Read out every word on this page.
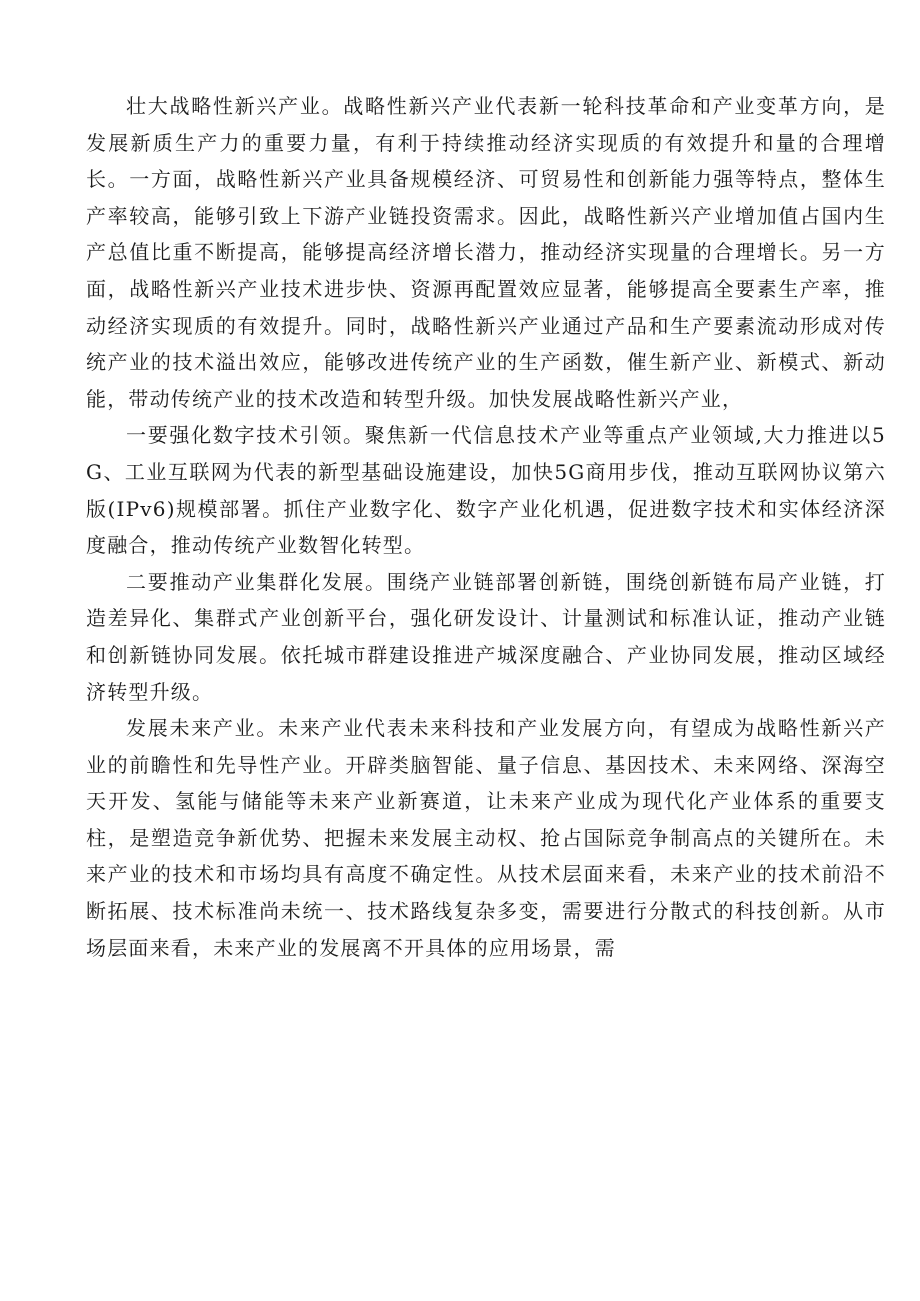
壮大战略性新兴产业。战略性新兴产业代表新一轮科技革命和产业变革方向，是发展新质生产力的重要力量，有利于持续推动经济实现质的有效提升和量的合理增长。一方面，战略性新兴产业具备规模经济、可贸易性和创新能力强等特点，整体生产率较高，能够引致上下游产业链投资需求。因此，战略性新兴产业增加值占国内生产总值比重不断提高，能够提高经济增长潜力，推动经济实现量的合理增长。另一方面，战略性新兴产业技术进步快、资源再配置效应显著，能够提高全要素生产率，推动经济实现质的有效提升。同时，战略性新兴产业通过产品和生产要素流动形成对传统产业的技术溢出效应，能够改进传统产业的生产函数，催生新产业、新模式、新动能，带动传统产业的技术改造和转型升级。加快发展战略性新兴产业，

一要强化数字技术引领。聚焦新一代信息技术产业等重点产业领域,大力推进以5G、工业互联网为代表的新型基础设施建设，加快5G商用步伐，推动互联网协议第六版(IPv6)规模部署。抓住产业数字化、数字产业化机遇，促进数字技术和实体经济深度融合，推动传统产业数智化转型。

二要推动产业集群化发展。围绕产业链部署创新链，围绕创新链布局产业链，打造差异化、集群式产业创新平台，强化研发设计、计量测试和标准认证，推动产业链和创新链协同发展。依托城市群建设推进产城深度融合、产业协同发展，推动区域经济转型升级。

发展未来产业。未来产业代表未来科技和产业发展方向，有望成为战略性新兴产业的前瞻性和先导性产业。开辟类脑智能、量子信息、基因技术、未来网络、深海空天开发、氢能与储能等未来产业新赛道，让未来产业成为现代化产业体系的重要支柱，是塑造竞争新优势、把握未来发展主动权、抢占国际竞争制高点的关键所在。未来产业的技术和市场均具有高度不确定性。从技术层面来看，未来产业的技术前沿不断拓展、技术标准尚未统一、技术路线复杂多变，需要进行分散式的科技创新。从市场层面来看，未来产业的发展离不开具体的应用场景，需
